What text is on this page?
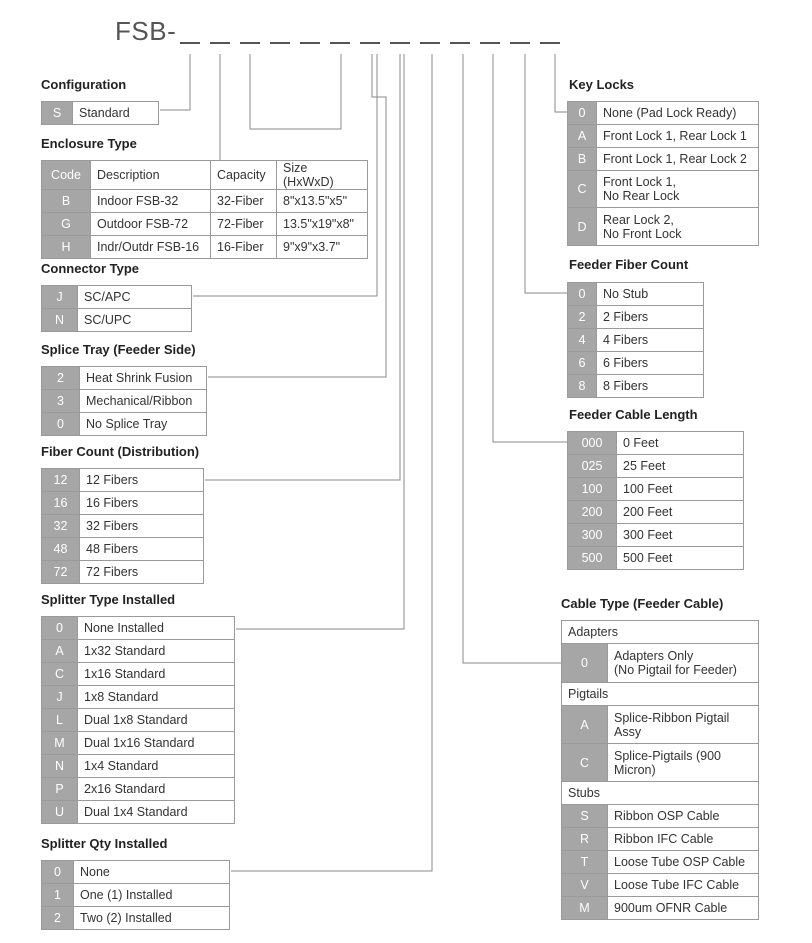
FSB-
Configuration
S	Standard
Enclosure Type
Code	Description	Capacity	Size (HxWxD)
B	Indoor FSB-32	32-Fiber	8"x13.5"x5"
G	Outdoor FSB-72	72-Fiber	13.5"x19"x8"
H	Indr/Outdr FSB-16	16-Fiber	9"x9"x3.7"
Connector Type
J	SC/APC
N	SC/UPC
Splice Tray (Feeder Side)
2	Heat Shrink Fusion
3	Mechanical/Ribbon
0	No Splice Tray
Fiber Count (Distribution)
12	12 Fibers
16	16 Fibers
32	32 Fibers
48	48 Fibers
72	72 Fibers
Splitter Type Installed
0	None Installed
A	1x32 Standard
C	1x16 Standard
J	1x8 Standard
L	Dual 1x8 Standard
M	Dual 1x16 Standard
N	1x4 Standard
P	2x16 Standard
U	Dual 1x4 Standard
Splitter Qty Installed
0	None
1	One (1) Installed
2	Two (2) Installed
Key Locks
0	None (Pad Lock Ready)
A	Front Lock 1, Rear Lock 1
B	Front Lock 1, Rear Lock 2
C	Front Lock 1,
No Rear Lock

D	Rear Lock 2,
No Front Lock
Feeder Fiber Count
0	No Stub
2	2 Fibers
4	4 Fibers
6	6 Fibers
8	8 Fibers
Feeder Cable Length
000	0 Feet
025	25 Feet
100	100 Feet
200	200 Feet
300	300 Feet
500	500 Feet
Cable Type (Feeder Cable)
Adapters	
0	Adapters Only
(No Pigtail for Feeder)

Pigtails	
A	Splice-Ribbon Pigtail
Assy

C	Splice-Pigtails (900
Micron)

Stubs	
S	Ribbon OSP Cable
R	Ribbon IFC Cable
T	Loose Tube OSP Cable
V	Loose Tube IFC Cable
M	900um OFNR Cable
